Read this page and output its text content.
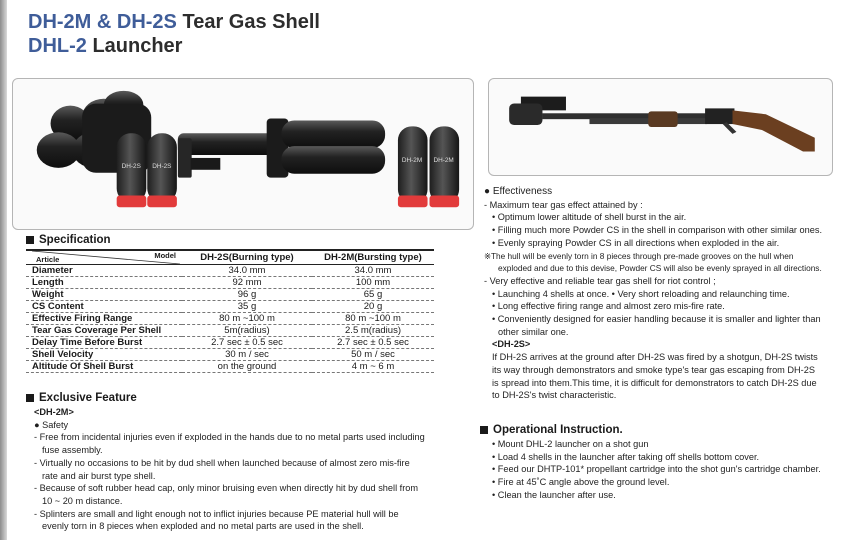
DH-2M & DH-2S Tear Gas Shell
DHL-2 Launcher
DH-2S DH-2S
DH-2M DH-2M
Specification
Article Model	DH-2S(Burning type)	DH-2M(Bursting type)
Diameter	34.0 mm	34.0 mm
Length	92 mm	100 mm
Weight	96 g	65 g
CS Content	35 g	20 g
Effective Firing Range	80 m ~100 m	80 m ~100 m
Tear Gas Coverage Per Shell	5m(radius)	2.5 m(radius)
Delay Time Before Burst	2.7 sec ± 0.5 sec	2.7 sec ± 0.5 sec
Shell Velocity	30 m / sec	50 m / sec
Altitude Of Shell Burst	on the ground	4 m ~ 6 m
Exclusive Feature
<DH-2M>
● Safety
- Free from incidental injuries even if exploded in the hands due to no metal parts used including
fuse assembly.
- Virtually no occasions to be hit by dud shell when launched because of almost zero mis-fire
rate and air burst type shell.
- Because of soft rubber head cap, only minor bruising even when directly hit by dud shell from
10 ~ 20 m distance.
- Splinters are small and light enough not to inflict injuries because PE material hull will be
evenly torn in 8 pieces when exploded and no metal parts are used in the shell.
● Effectiveness
- Maximum tear gas effect attained by :
• Optimum lower altitude of shell burst in the air.
• Filling much more Powder CS in the shell in comparison with other similar ones.
• Evenly spraying Powder CS in all directions when exploded in the air.
※The hull will be evenly torn in 8 pieces through pre-made grooves on the hull when
exploded and due to this devise, Powder CS will also be evenly sprayed in all directions.
- Very effective and reliable tear gas shell for riot control ;
• Launching 4 shells at once. • Very short reloading and relaunching time.
• Long effective firing range and almost zero mis-fire rate.
• Conveniently designed for easier handling because it is smaller and lighter than
other similar one.
<DH-2S>
If DH-2S arrives at the ground after DH-2S was fired by a shotgun, DH-2S twists
its way through demonstrators and smoke type's tear gas escaping from DH-2S
is spread into them.This time, it is difficult for demonstrators to catch DH-2S due
to DH-2S's twist characteristic.
Operational Instruction.
• Mount DHL-2 launcher on a shot gun
• Load 4 shells in the launcher after taking off shells bottom cover.
• Feed our DHTP-101* propellant cartridge into the shot gun's cartridge chamber.
• Fire at 45˚C angle above the ground level.
• Clean the launcher after use.
